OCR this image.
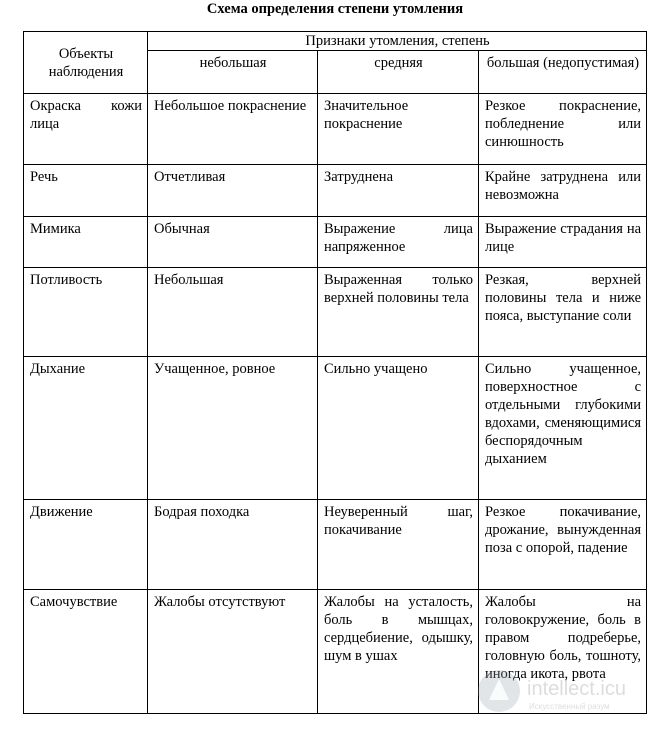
Схема определения степени утомления
Объекты наблюдения	Признаки утомления, степень		
	небольшая	средняя	большая (недопустимая)
Окраска кожи лица	Небольшое покраснение	Значительное покраснение	Резкое покраснение, побледнение или синюшность
Речь	Отчетливая	Затруднена	Крайне затруднена или невозможна
Мимика	Обычная	Выражение лица напряженное	Выражение страдания на лице
Потливость	Небольшая	Выраженная только верхней половины тела	Резкая, верхней половины тела и ниже пояса, выступание соли
Дыхание	Учащенное, ровное	Сильно учащено	Сильно учащенное, поверхностное с отдельными глубокими вдохами, сменяющимися беспорядочным дыханием
Движение	Бодрая походка	Неуверенный шаг, покачивание	Резкое покачивание, дрожание, вынужденная поза с опорой, падение
Самочувствие	Жалобы отсутствуют	Жалобы на усталость, боль в мышцах, сердцебиение, одышку, шум в ушах	Жалобы на головокружение, боль в правом подреберье, головную боль, тошноту, иногда икота, рвота
intellect.icu
Искусственный разум
